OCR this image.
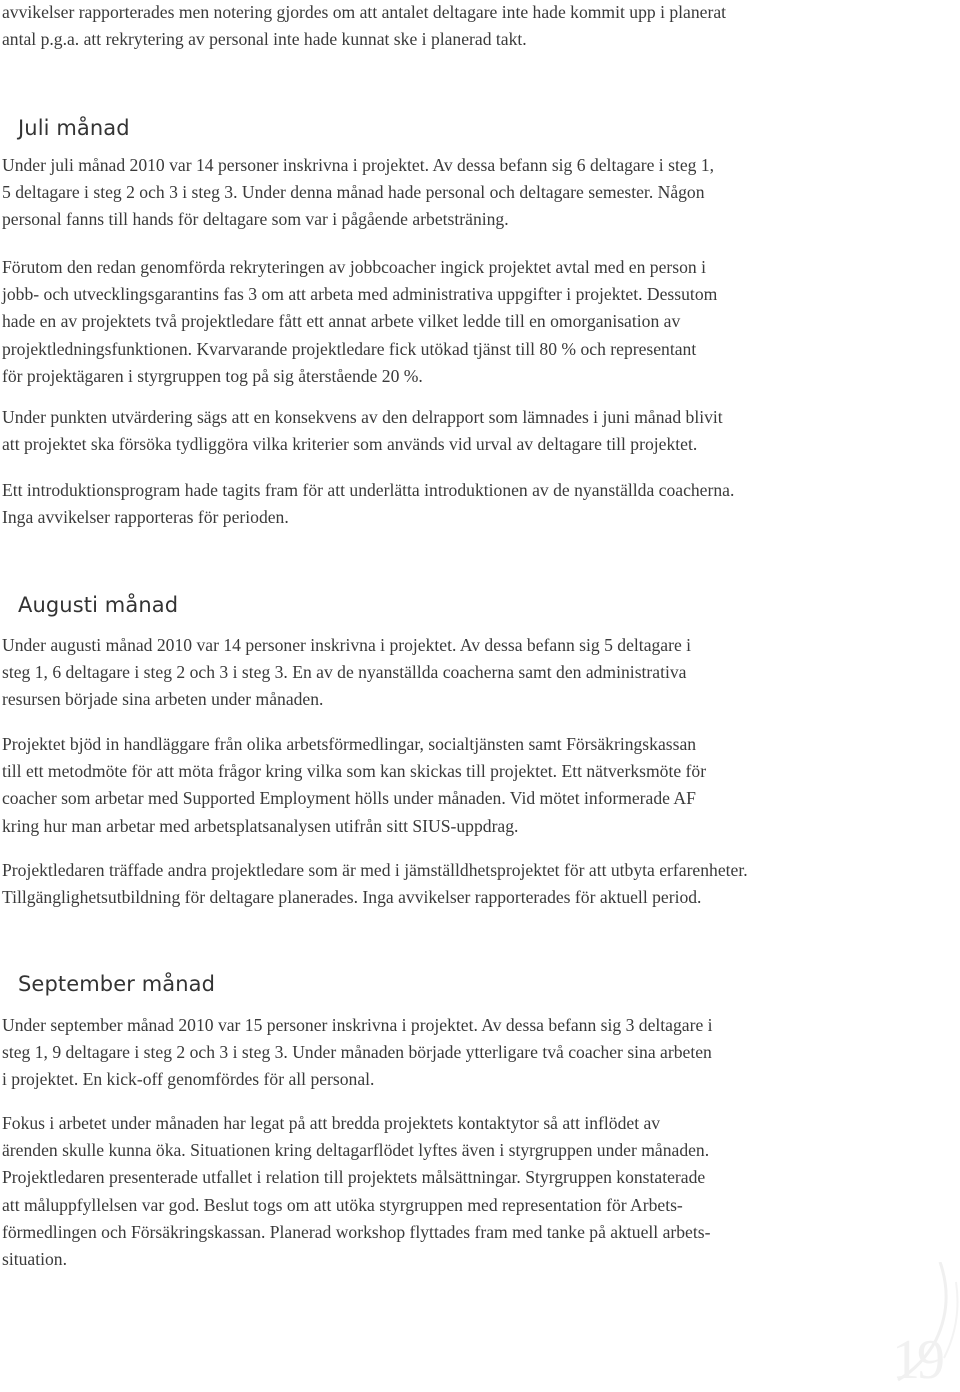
avvikelser rapporterades men notering gjordes om att antalet deltagare inte hade kommit upp i planerat
antal p.g.a. att rekrytering av personal inte hade kunnat ske i planerad takt.

Juli månad

Under juli månad 2010 var 14 personer inskrivna i projektet. Av dessa befann sig 6 deltagare i steg 1,
5 deltagare i steg 2 och 3 i steg 3. Under denna månad hade personal och deltagare semester. Någon
personal fanns till hands för deltagare som var i pågående arbetsträning.

Förutom den redan genomförda rekryteringen av jobbcoacher ingick projektet avtal med en person i
jobb- och utvecklingsgarantins fas 3 om att arbeta med administrativa uppgifter i projektet. Dessutom
hade en av projektets två projektledare fått ett annat arbete vilket ledde till en omorganisation av
projektledningsfunktionen. Kvarvarande projektledare fick utökad tjänst till 80 % och representant
för projektägaren i styrgruppen tog på sig återstående 20 %.

Under punkten utvärdering sägs att en konsekvens av den delrapport som lämnades i juni månad blivit
att projektet ska försöka tydliggöra vilka kriterier som används vid urval av deltagare till projektet.

Ett introduktionsprogram hade tagits fram för att underlätta introduktionen av de nyanställda coacherna.
Inga avvikelser rapporteras för perioden.

Augusti månad

Under augusti månad 2010 var 14 personer inskrivna i projektet. Av dessa befann sig 5 deltagare i
steg 1, 6 deltagare i steg 2 och 3 i steg 3. En av de nyanställda coacherna samt den administrativa
resursen började sina arbeten under månaden.

Projektet bjöd in handläggare från olika arbetsförmedlingar, socialtjänsten samt Försäkringskassan
till ett metodmöte för att möta frågor kring vilka som kan skickas till projektet. Ett nätverksmöte för
coacher som arbetar med Supported Employment hölls under månaden. Vid mötet informerade AF
kring hur man arbetar med arbetsplatsanalysen utifrån sitt SIUS-uppdrag.

Projektledaren träffade andra projektledare som är med i jämställdhetsprojektet för att utbyta erfarenheter.
Tillgänglighetsutbildning för deltagare planerades. Inga avvikelser rapporterades för aktuell period.

September månad

Under september månad 2010 var 15 personer inskrivna i projektet. Av dessa befann sig 3 deltagare i
steg 1, 9 deltagare i steg 2 och 3 i steg 3. Under månaden började ytterligare två coacher sina arbeten
i projektet. En kick-off genomfördes för all personal.

Fokus i arbetet under månaden har legat på att bredda projektets kontaktytor så att inflödet av
ärenden skulle kunna öka. Situationen kring deltagarflödet lyftes även i styrgruppen under månaden.
Projektledaren presenterade utfallet i relation till projektets målsättningar. Styrgruppen konstaterade
att måluppfyllelsen var god. Beslut togs om att utöka styrgruppen med representation för Arbets-
förmedlingen och Försäkringskassan. Planerad workshop flyttades fram med tanke på aktuell arbets-
situation.

19
